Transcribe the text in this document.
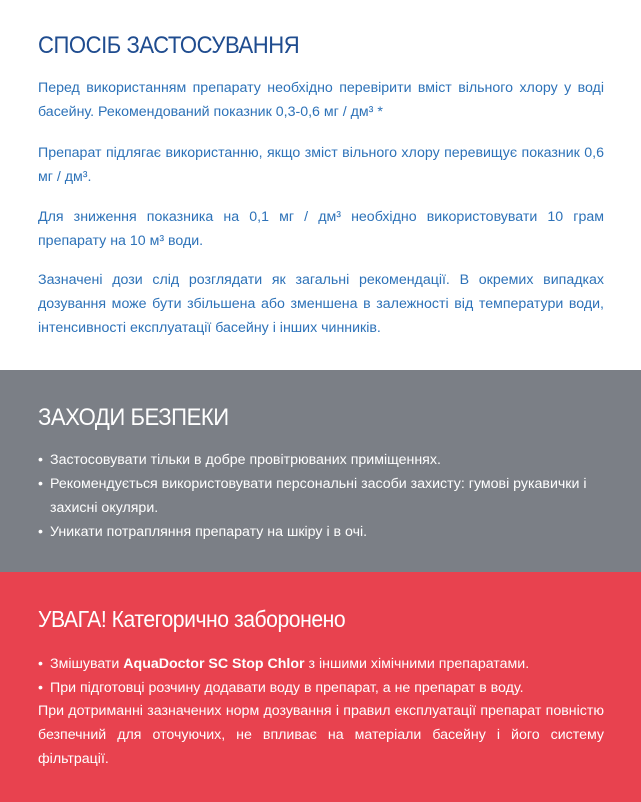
СПОСІБ ЗАСТОСУВАННЯ

Перед використанням препарату необхідно перевірити вміст вільного хлору у воді басейну. Рекомендований показник 0,3-0,6 мг / дм³ *

Препарат підлягає використанню, якщо зміст вільного хлору перевищує показник 0,6 мг / дм³.

Для зниження показника на 0,1 мг / дм³ необхідно використовувати 10 грам препарату на 10 м³ води.

Зазначені дози слід розглядати як загальні рекомендації. В окремих випадках дозування може бути збільшена або зменшена в залежності від температури води, інтенсивності експлуатації басейну і інших чинників.

ЗАХОДИ БЕЗПЕКИ
• Застосовувати тільки в добре провітрюваних приміщеннях.
• Рекомендується використовувати персональні засоби захисту: гумові рукавички і захисні окуляри.
• Уникати потрапляння препарату на шкіру і в очі.
УВАГА! Категорично заборонено
• Змішувати AquaDoctor SC Stop Chlor з іншими хімічними препаратами.
• При підготовці розчину додавати воду в препарат, а не препарат в воду.

При дотриманні зазначених норм дозування і правил експлуатації препарат повністю безпечний для оточуючих, не впливає на матеріали басейну і його систему фільтрації.
